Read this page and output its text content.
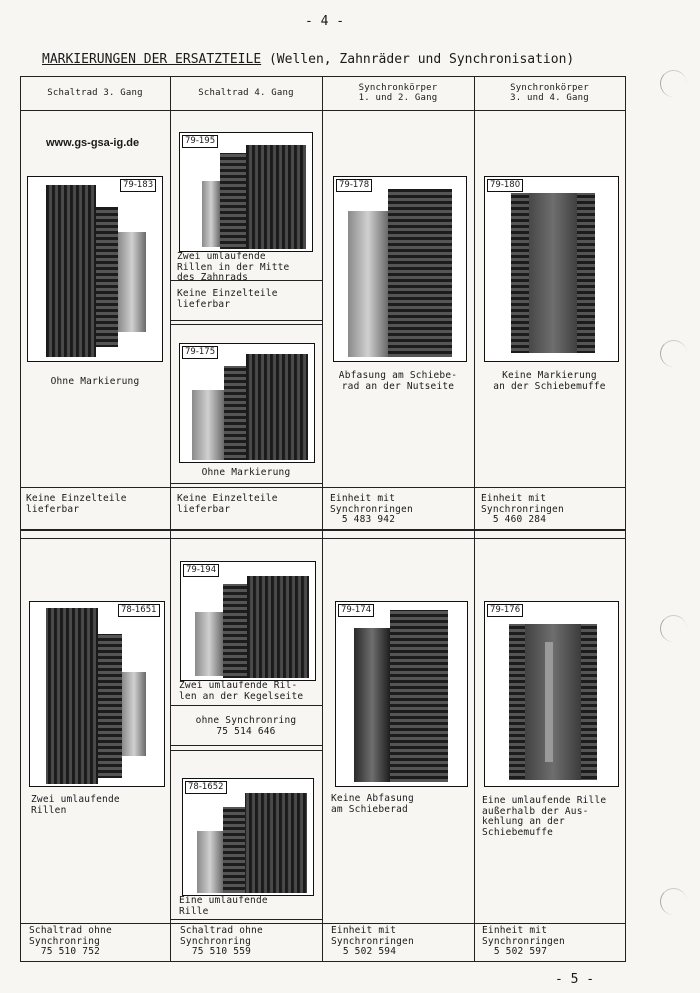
- 4 -
MARKIERUNGEN DER ERSATZTEILE (Wellen, Zahnräder und Synchronisation)
Schaltrad 3. Gang	Schaltrad 4. Gang	Synchronkörper
1. und 2. Gang
Synchronkörper
3. und 4. Gang
www.gs-gsa-ig.de
79-183
Ohne Markierung
Keine Einzelteile
lieferbar
79-195
Zwei umlaufende
Rillen in der Mitte
des Zahnrads
Keine Einzelteile
lieferbar
79-175
Ohne Markierung
Keine Einzelteile
lieferbar
79-178
Abfasung am Schiebe-
rad an der Nutseite
Einheit mit
Synchronringen
5 483 942
79-180
Keine Markierung
an der Schiebemuffe
Einheit mit
Synchronringen
5 460 284
78-1651
Zwei umlaufende
Rillen
Schaltrad ohne
Synchronring
75 510 752
79-194
Zwei umlaufende Ril-
len an der Kegelseite
ohne Synchronring
75 514 646
78-1652
Eine umlaufende
Rille
Schaltrad ohne
Synchronring
75 510 559
79-174
Keine Abfasung
am Schieberad
Einheit mit
Synchronringen
5 502 594
79-176
Eine umlaufende Rille
außerhalb der Aus-
kehlung an der
Schiebemuffe
Einheit mit
Synchronringen
5 502 597
- 5 -
